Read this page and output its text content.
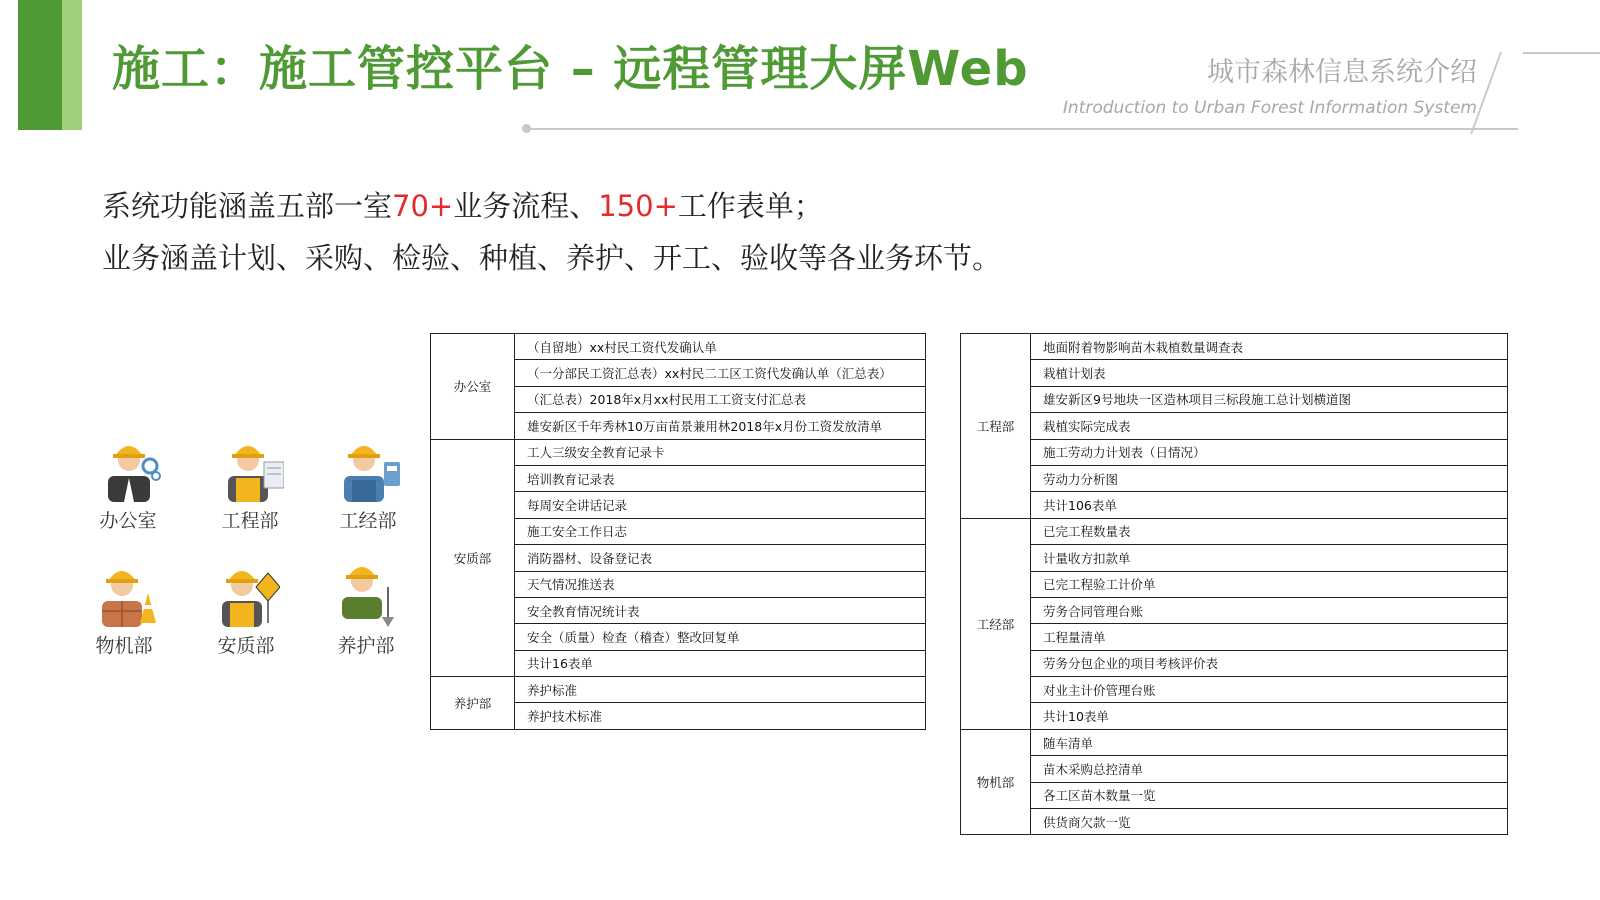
施工：施工管控平台 – 远程管理大屏Web	城市森林信息系统介绍
Introduction to Urban Forest Information System
系统功能涵盖五部一室70+业务流程、150+工作表单；
业务涵盖计划、采购、检验、种植、养护、开工、验收等各业务环节。
办公室	工程部	工经部
物机部	安质部	养护部
办公室	（自留地）xx村民工资代发确认单
	（一分部民工资汇总表）xx村民二工区工资代发确认单（汇总表）
	（汇总表）2018年x月xx村民用工工资支付汇总表
	雄安新区千年秀林10万亩苗景兼用林2018年x月份工资发放清单
安质部	工人三级安全教育记录卡
	培训教育记录表
	每周安全讲话记录
	施工安全工作日志
	消防器材、设备登记表
	天气情况推送表
	安全教育情况统计表
	安全（质量）检查（稽查）整改回复单
	共计16表单
养护部	养护标准
	养护技术标准
工程部	地面附着物影响苗木栽植数量调查表
	栽植计划表
	雄安新区9号地块一区造林项目三标段施工总计划横道图
	栽植实际完成表
	施工劳动力计划表（日情况）
	劳动力分析图
	共计106表单
工经部	已完工程数量表
	计量收方扣款单
	已完工程验工计价单
	劳务合同管理台账
	工程量清单
	劳务分包企业的项目考核评价表
	对业主计价管理台账
	共计10表单
物机部	随车清单
	苗木采购总控清单
	各工区苗木数量一览
	供货商欠款一览
